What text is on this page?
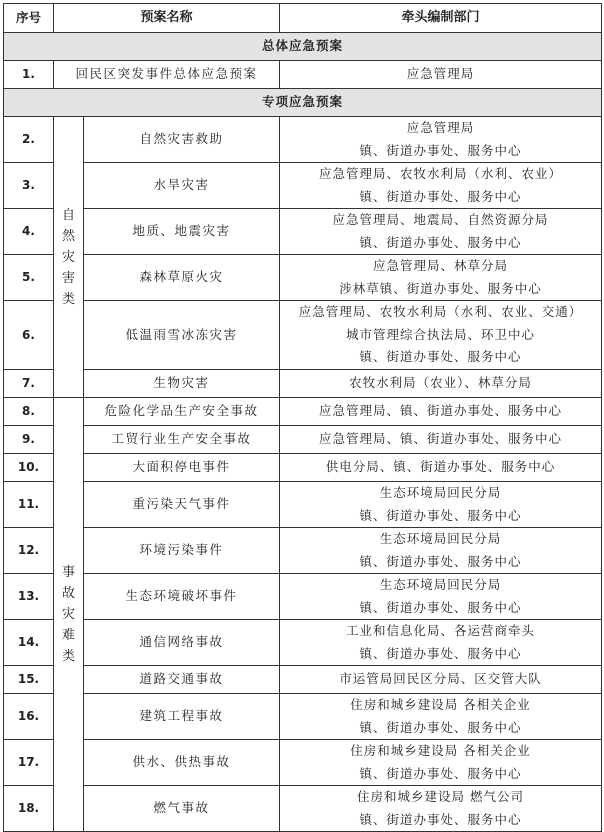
序号	预案名称		牵头编制部门
总体应急预案			
1.	回民区突发事件总体应急预案		应急管理局
专项应急预案			
2.	自然灾害类	自然灾害救助	应急管理局
镇、街道办事处、服务中心

3.		水旱灾害	应急管理局、农牧水利局（水利、农业）
镇、街道办事处、服务中心

4.		地质、地震灾害	应急管理局、地震局、自然资源分局
镇、街道办事处、服务中心

5.		森林草原火灾	应急管理局、林草分局
涉林草镇、街道办事处、服务中心

6.		低温雨雪冰冻灾害	应急管理局、农牧水利局（水利、农业、交通）
城市管理综合执法局、环卫中心
镇、街道办事处、服务中心

7.		生物灾害	农牧水利局（农业）、林草分局

8.	事故灾难类	危险化学品生产安全事故	应急管理局、镇、街道办事处、服务中心

9.		工贸行业生产安全事故	应急管理局、镇、街道办事处、服务中心

10.		大面积停电事件	供电分局、镇、街道办事处、服务中心

11.		重污染天气事件	生态环境局回民分局
镇、街道办事处、服务中心

12.		环境污染事件	生态环境局回民分局
镇、街道办事处、服务中心

13.		生态环境破坏事件	生态环境局回民分局
镇、街道办事处、服务中心

14.		通信网络事故	工业和信息化局、各运营商牵头
镇、街道办事处、服务中心

15.		道路交通事故	市运管局回民区分局、区交管大队

16.		建筑工程事故	住房和城乡建设局 各相关企业
镇、街道办事处、服务中心

17.		供水、供热事故	住房和城乡建设局 各相关企业
镇、街道办事处、服务中心

18.		燃气事故	住房和城乡建设局 燃气公司
镇、街道办事处、服务中心
